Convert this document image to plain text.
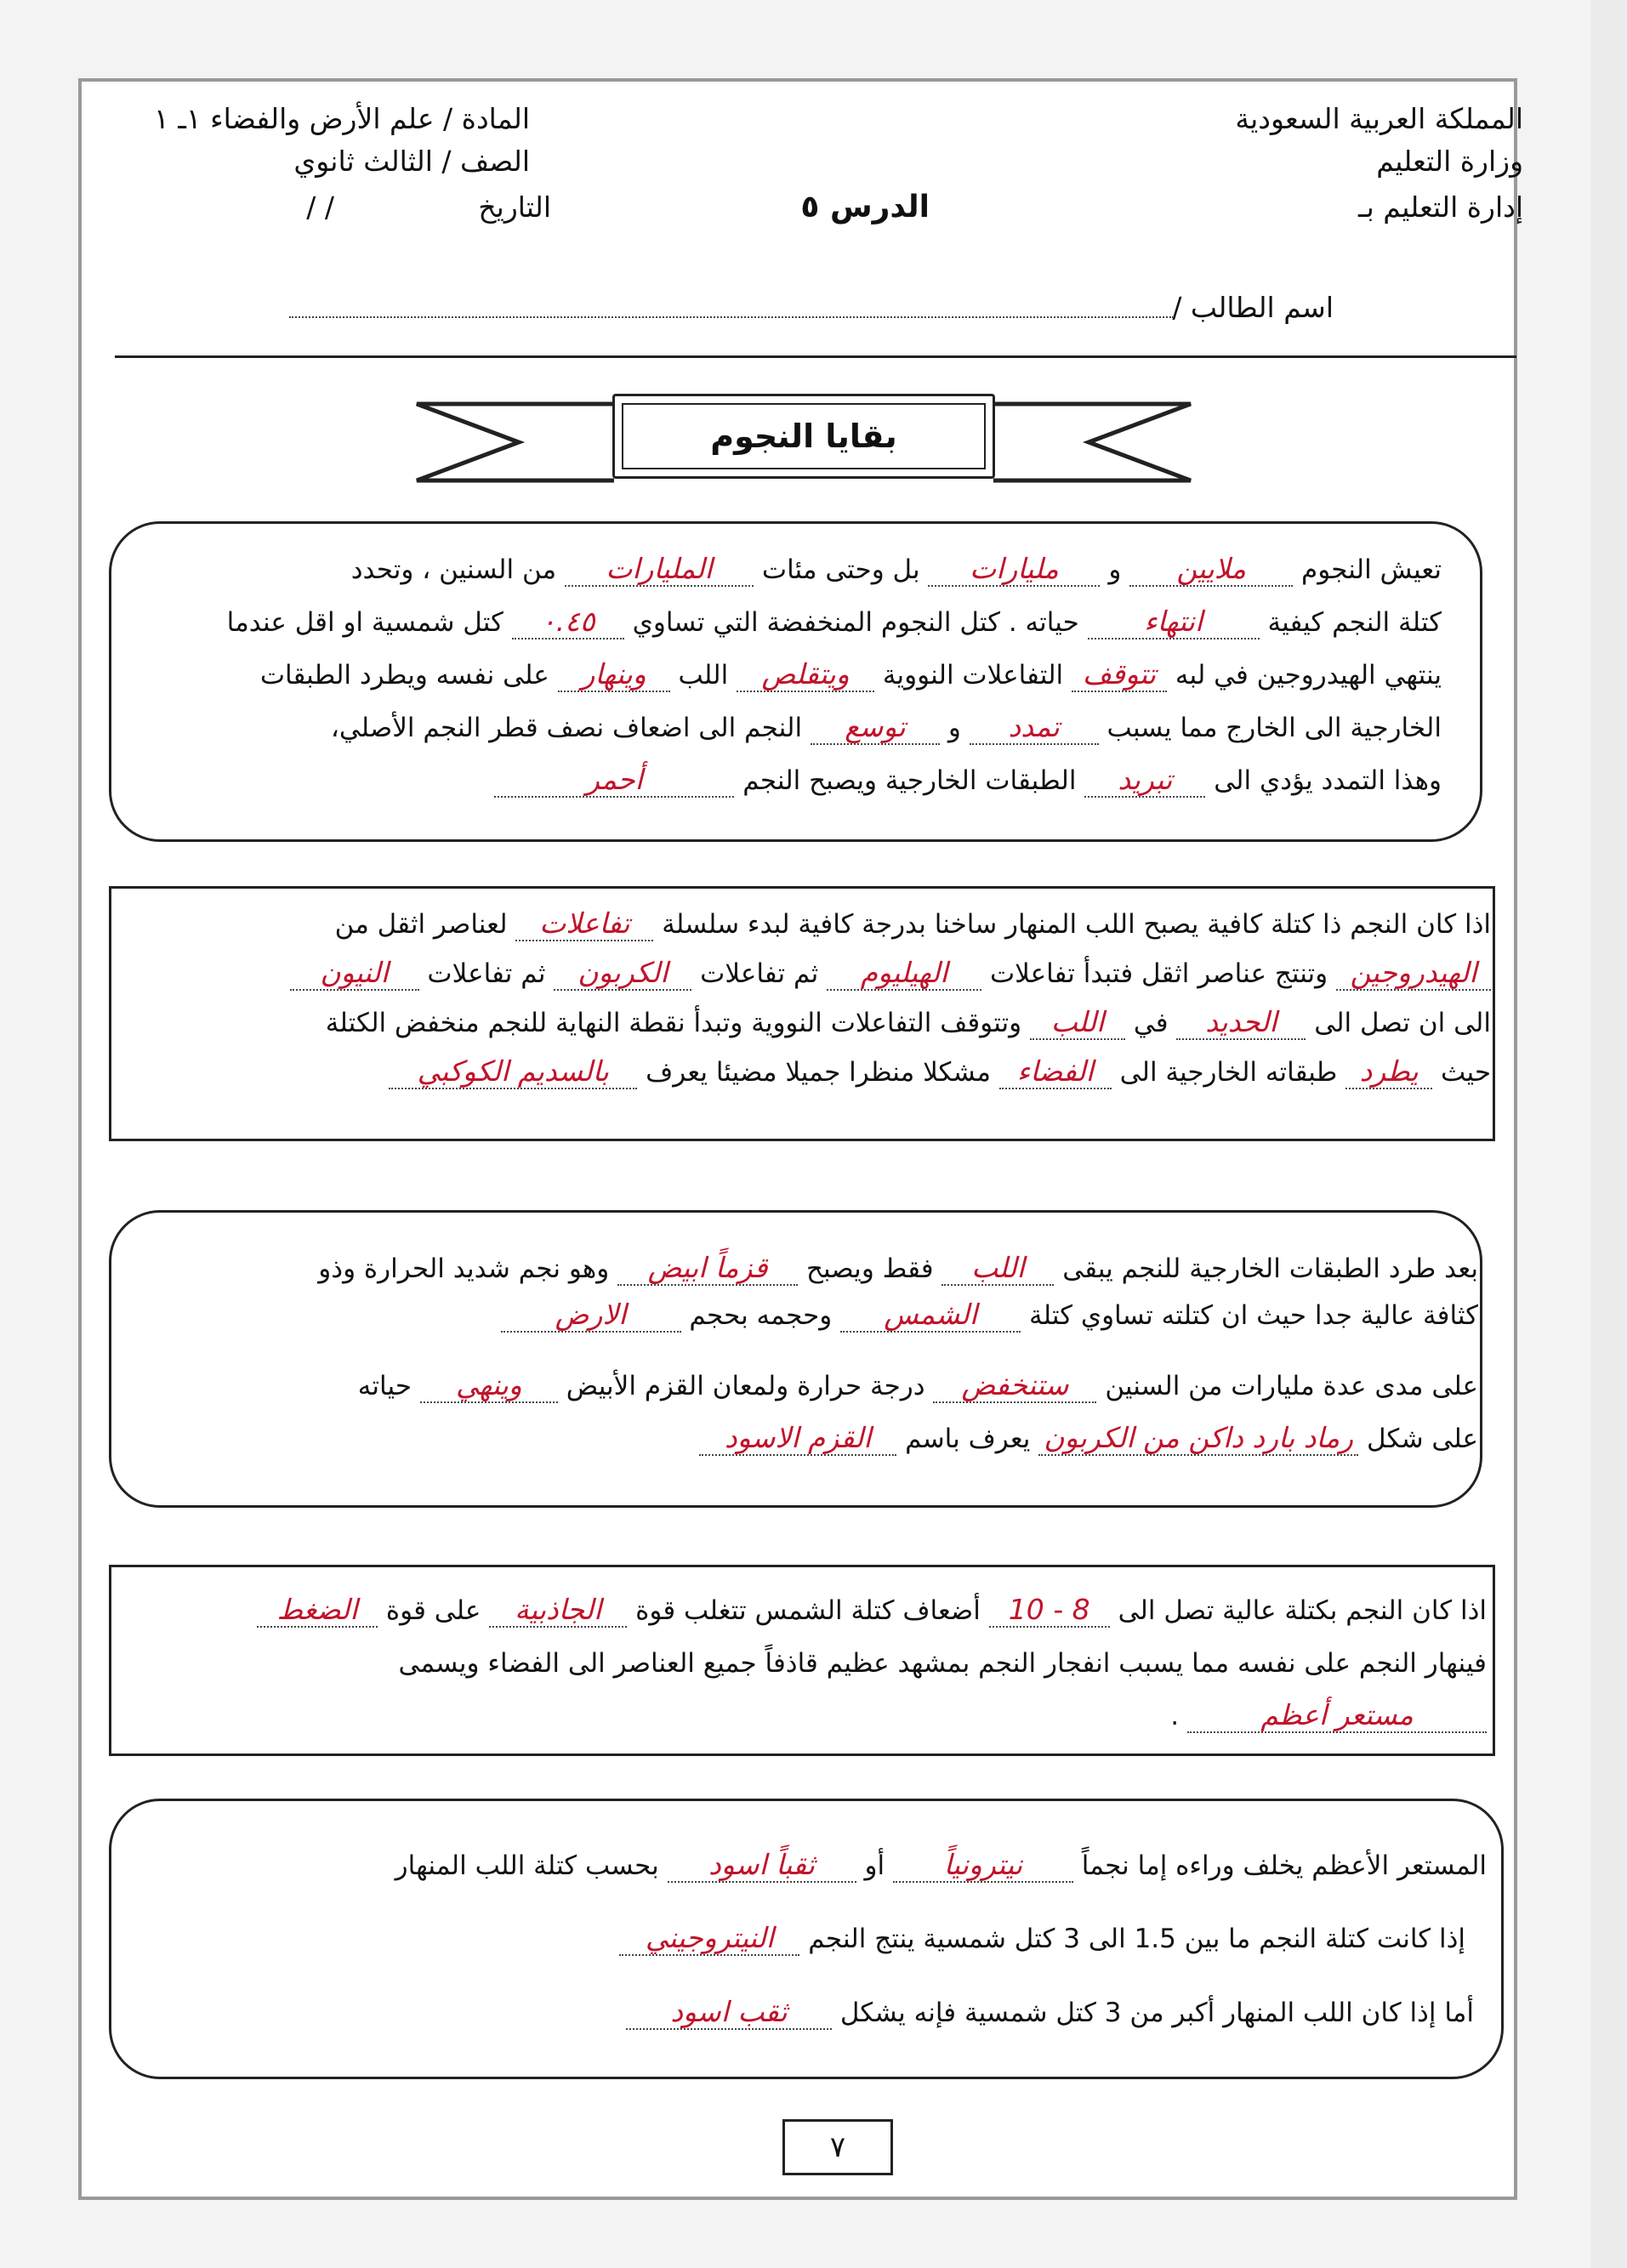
المملكة العربية السعودية
وزارة التعليم
إدارة التعليم بـ
المادة / علم الأرض والفضاء ١ـ ١
الصف / الثالث ثانوي
التاريخ
/ /	الدرس ٥
اسم الطالب /
بقايا النجوم
تعيش النجوم ملايين و مليارات بل وحتى مئات المليارات من السنين ، وتحدد
كتلة النجم كيفية انتهاء حياته . كتل النجوم المنخفضة التي تساوي ٠.٤٥ كتل شمسية او اقل عندما
ينتهي الهيدروجين في لبه تتوقف التفاعلات النووية ويتقلص اللب وينهار على نفسه ويطرد الطبقات
الخارجية الى الخارج مما يسبب تمدد و توسع النجم الى اضعاف نصف قطر النجم الأصلي،
وهذا التمدد يؤدي الى تبريد الطبقات الخارجية ويصبح النجم أحمر
اذا كان النجم ذا كتلة كافية يصبح اللب المنهار ساخنا بدرجة كافية لبدء سلسلة تفاعلات لعناصر اثقل من
الهيدروجين وتنتج عناصر اثقل فتبدأ تفاعلات الهيليوم ثم تفاعلات الكربون ثم تفاعلات النيون
الى ان تصل الى الحديد في اللب وتتوقف التفاعلات النووية وتبدأ نقطة النهاية للنجم منخفض الكتلة
حيث يطرد طبقاته الخارجية الى الفضاء مشكلا منظرا جميلا مضيئا يعرف بالسديم الكوكبي
بعد طرد الطبقات الخارجية للنجم يبقى اللب فقط ويصبح قزماً ابيض وهو نجم شديد الحرارة وذو
كثافة عالية جدا حيث ان كتلته تساوي كتلة الشمس وحجمه بحجم الارض
على مدى عدة مليارات من السنين ستنخفض درجة حرارة ولمعان القزم الأبيض وينهي حياته
على شكل رماد بارد داكن من الكربون يعرف باسم القزم الاسود
اذا كان النجم بكتلة عالية تصل الى 8 - 10 أضعاف كتلة الشمس تتغلب قوة الجاذبية على قوة الضغط
فينهار النجم على نفسه مما يسبب انفجار النجم بمشهد عظيم قاذفاً جميع العناصر الى الفضاء ويسمى
مستعر أعظم .
المستعر الأعظم يخلف وراءه إما نجماً نيترونياً أو ثقباً اسود بحسب كتلة اللب المنهار
إذا كانت كتلة النجم ما بين 1.5 الى 3 كتل شمسية ينتج النجم النيتروجيني
أما إذا كان اللب المنهار أكبر من 3 كتل شمسية فإنه يشكل ثقب اسود
٧
